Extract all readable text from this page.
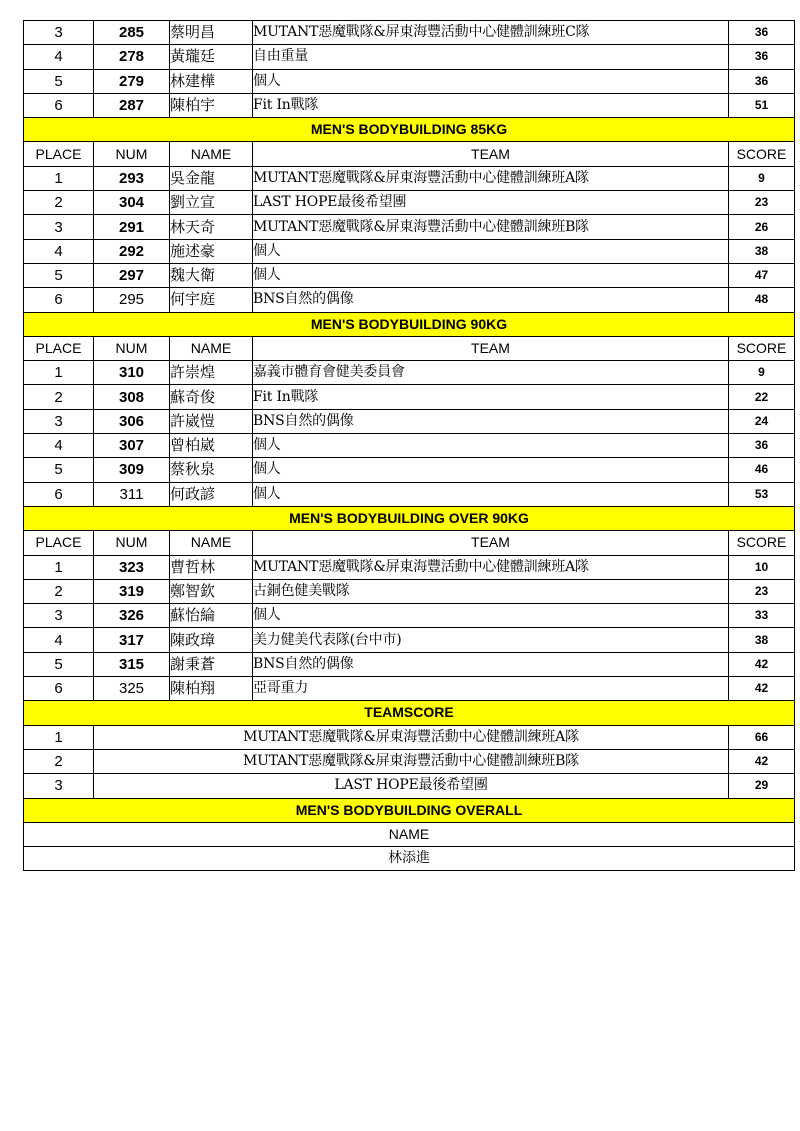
3	285	蔡明昌	MUTANT惡魔戰隊&屏東海豐活動中心健體訓練班C隊	36
4	278	黃瓏廷	自由重量	36
5	279	林建樺	個人	36
6	287	陳柏宇	Fit In戰隊	51
MEN'S BODYBUILDING 85KG				
PLACE	NUM	NAME	TEAM	SCORE
1	293	吳金龍	MUTANT惡魔戰隊&屏東海豐活動中心健體訓練班A隊	9
2	304	劉立宣	LAST HOPE最後希望團	23
3	291	林天奇	MUTANT惡魔戰隊&屏東海豐活動中心健體訓練班B隊	26
4	292	施述豪	個人	38
5	297	魏大衛	個人	47
6	295	何宇庭	BNS自然的偶像	48
MEN'S BODYBUILDING 90KG				
PLACE	NUM	NAME	TEAM	SCORE
1	310	許崇煌	嘉義市體育會健美委員會	9
2	308	蘇奇俊	Fit In戰隊	22
3	306	許崴愷	BNS自然的偶像	24
4	307	曾柏崴	個人	36
5	309	蔡秋泉	個人	46
6	311	何政諺	個人	53
MEN'S BODYBUILDING OVER 90KG				
PLACE	NUM	NAME	TEAM	SCORE
1	323	曹哲林	MUTANT惡魔戰隊&屏東海豐活動中心健體訓練班A隊	10
2	319	鄭智欽	古銅色健美戰隊	23
3	326	蘇怡綸	個人	33
4	317	陳政璋	美力健美代表隊(台中市)	38
5	315	謝秉蒼	BNS自然的偶像	42
6	325	陳柏翔	亞哥重力	42
TEAMSCORE				
1	MUTANT惡魔戰隊&屏東海豐活動中心健體訓練班A隊			66
2	MUTANT惡魔戰隊&屏東海豐活動中心健體訓練班B隊			42
3	LAST HOPE最後希望團			29
MEN'S BODYBUILDING OVERALL				
NAME				
林添進				
